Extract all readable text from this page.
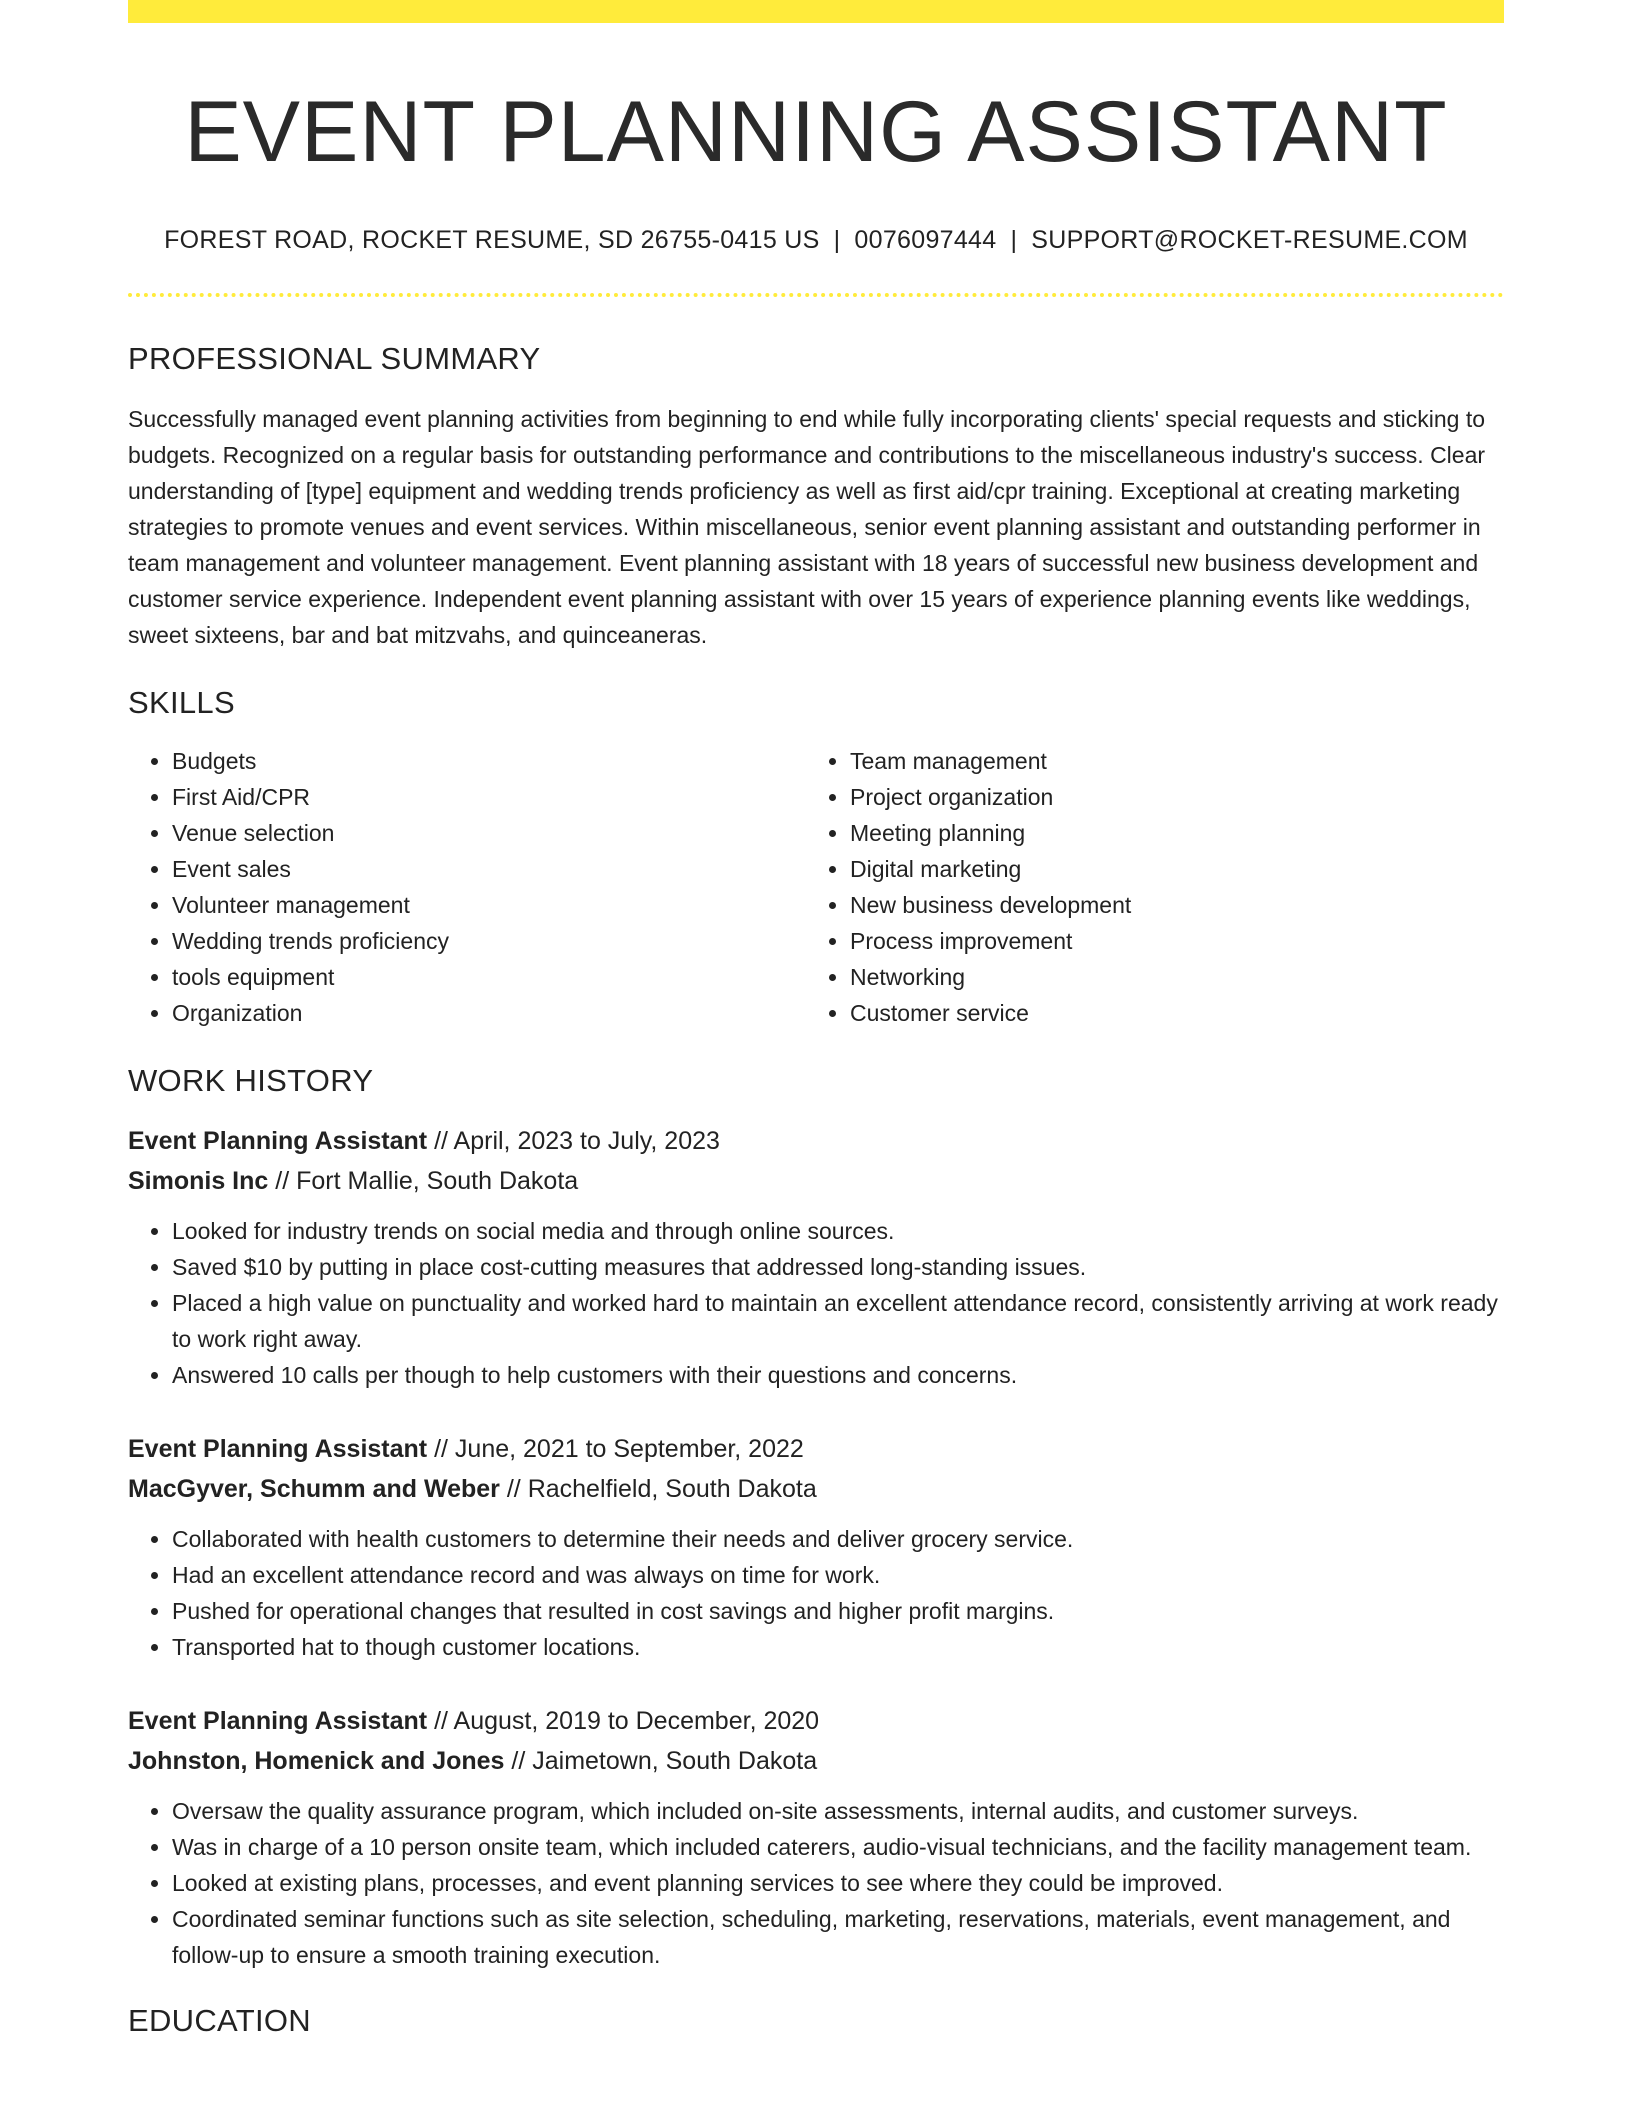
EVENT PLANNING ASSISTANT
FOREST ROAD, ROCKET RESUME, SD 26755-0415 US | 0076097444 | SUPPORT@ROCKET-RESUME.COM
PROFESSIONAL SUMMARY

Successfully managed event planning activities from beginning to end while fully incorporating clients' special requests and sticking to budgets. Recognized on a regular basis for outstanding performance and contributions to the miscellaneous industry's success. Clear understanding of [type] equipment and wedding trends proficiency as well as first aid/cpr training. Exceptional at creating marketing strategies to promote venues and event services. Within miscellaneous, senior event planning assistant and outstanding performer in team management and volunteer management. Event planning assistant with 18 years of successful new business development and customer service experience. Independent event planning assistant with over 15 years of experience planning events like weddings, sweet sixteens, bar and bat mitzvahs, and quinceaneras.

SKILLS
• Budgets
• First Aid/CPR
• Venue selection
• Event sales
• Volunteer management
• Wedding trends proficiency
• tools equipment
• Organization
• Team management
• Project organization
• Meeting planning
• Digital marketing
• New business development
• Process improvement
• Networking
• Customer service
WORK HISTORY
Event Planning Assistant // April, 2023 to July, 2023
Simonis Inc // Fort Mallie, South Dakota
• Looked for industry trends on social media and through online sources.
• Saved $10 by putting in place cost-cutting measures that addressed long-standing issues.
• Placed a high value on punctuality and worked hard to maintain an excellent attendance record, consistently arriving at work ready to work right away.
• Answered 10 calls per though to help customers with their questions and concerns.
Event Planning Assistant // June, 2021 to September, 2022
MacGyver, Schumm and Weber // Rachelfield, South Dakota
• Collaborated with health customers to determine their needs and deliver grocery service.
• Had an excellent attendance record and was always on time for work.
• Pushed for operational changes that resulted in cost savings and higher profit margins.
• Transported hat to though customer locations.
Event Planning Assistant // August, 2019 to December, 2020
Johnston, Homenick and Jones // Jaimetown, South Dakota
• Oversaw the quality assurance program, which included on-site assessments, internal audits, and customer surveys.
• Was in charge of a 10 person onsite team, which included caterers, audio-visual technicians, and the facility management team.
• Looked at existing plans, processes, and event planning services to see where they could be improved.
• Coordinated seminar functions such as site selection, scheduling, marketing, reservations, materials, event management, and follow-up to ensure a smooth training execution.
EDUCATION
